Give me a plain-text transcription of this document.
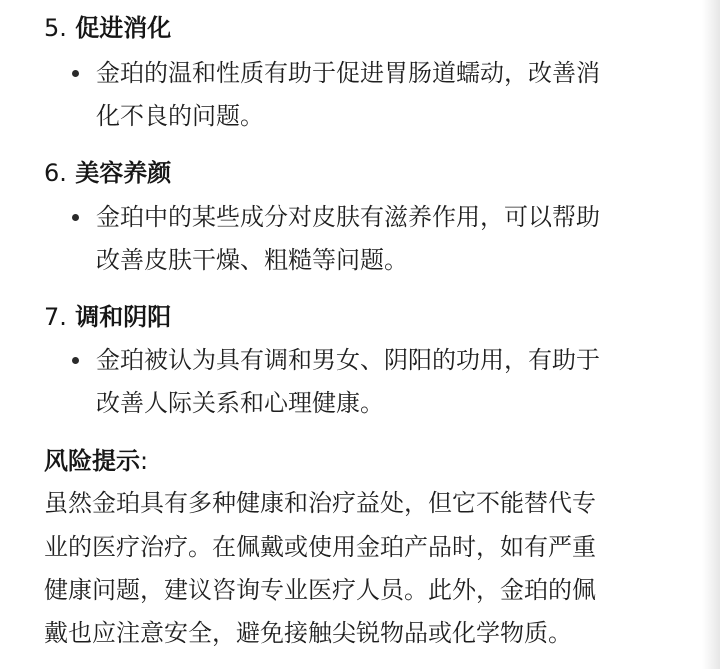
5. 促进消化
金珀的温和性质有助于促进胃肠道蠕动，改善消
化不良的问题。
6. 美容养颜
金珀中的某些成分对皮肤有滋养作用，可以帮助
改善皮肤干燥、粗糙等问题。
7. 调和阴阳
金珀被认为具有调和男女、阴阳的功用，有助于
改善人际关系和心理健康。
风险提示:
虽然金珀具有多种健康和治疗益处，但它不能替代专
业的医疗治疗。在佩戴或使用金珀产品时，如有严重
健康问题，建议咨询专业医疗人员。此外，金珀的佩
戴也应注意安全，避免接触尖锐物品或化学物质。
